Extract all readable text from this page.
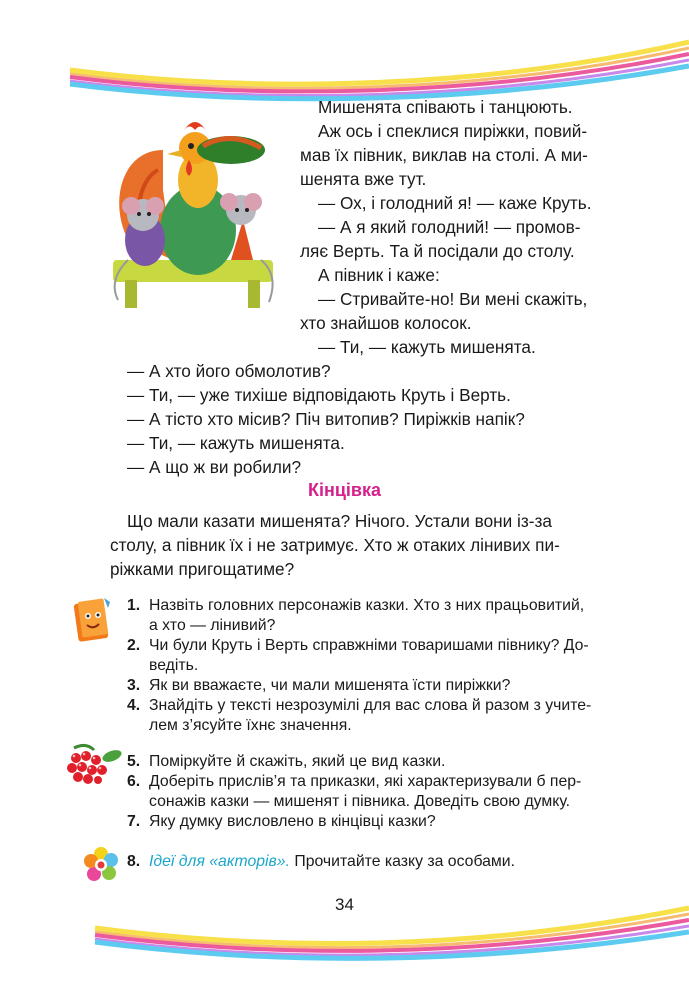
Мишенята співають і танцюють.

Аж ось і спеклися пиріжки, повий-

мав їх півник, виклав на столі. А ми-

шенята вже тут.

— Ох, і голодний я! — каже Круть.

— А я який голодний! — промов-

ляє Верть. Та й посідали до столу.

А півник і каже:

— Стривайте-но! Ви мені скажіть,

хто знайшов колосок.

— Ти, — кажуть мишенята.

— А хто його обмолотив?

— Ти, — уже тихіше відповідають Круть і Верть.

— А тісто хто місив? Піч витопив? Пиріжків напік?

— Ти, — кажуть мишенята.

— А що ж ви робили?

Кінцівка

Що мали казати мишенята? Нічого. Устали вони із-за

столу, а півник їх і не затримує. Хто ж отаких лінивих пи-

ріжками пригощатиме?

1. Назвіть головних персонажів казки. Хто з них працьовитий,

а хто — лінивий?

2. Чи були Круть і Верть справжніми товаришами півнику? До-

ведіть.

3. Як ви вважаєте, чи мали мишенята їсти пиріжки?

4. Знайдіть у тексті незрозумілі для вас слова й разом з учите-

лем з’ясуйте їхнє значення.

5. Поміркуйте й скажіть, який це вид казки.

6. Доберіть прислів’я та приказки, які характеризували б пер-

сонажів казки — мишенят і півника. Доведіть свою думку.

7. Яку думку висловлено в кінцівці казки?

8. Ідеї для «акторів». Прочитайте казку за особами.

34
